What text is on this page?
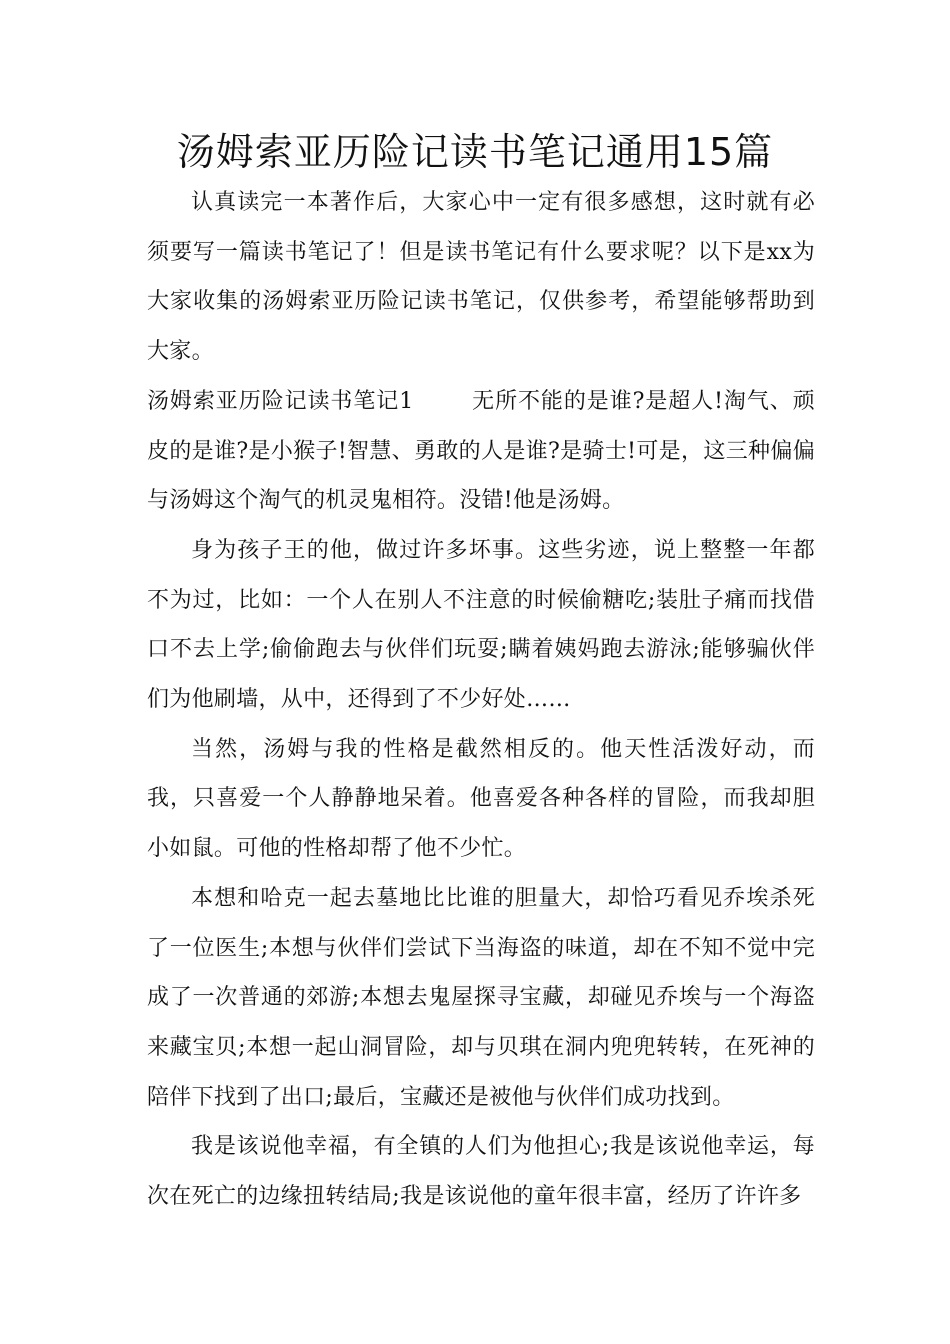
汤姆索亚历险记读书笔记通用15篇

认真读完一本著作后，大家心中一定有很多感想，这时就有必须要写一篇读书笔记了！但是读书笔记有什么要求呢？以下是xx为大家收集的汤姆索亚历险记读书笔记，仅供参考，希望能够帮助到大家。

汤姆索亚历险记读书笔记1	无所不能的是谁?是超人!淘气、顽皮的是谁?是小猴子!智慧、勇敢的人是谁?是骑士!可是，这三种偏偏与汤姆这个淘气的机灵鬼相符。没错!他是汤姆。

身为孩子王的他，做过许多坏事。这些劣迹，说上整整一年都不为过，比如：一个人在别人不注意的时候偷糖吃;装肚子痛而找借口不去上学;偷偷跑去与伙伴们玩耍;瞒着姨妈跑去游泳;能够骗伙伴们为他刷墙，从中，还得到了不少好处……

当然，汤姆与我的性格是截然相反的。他天性活泼好动，而我，只喜爱一个人静静地呆着。他喜爱各种各样的冒险，而我却胆小如鼠。可他的性格却帮了他不少忙。

本想和哈克一起去墓地比比谁的胆量大，却恰巧看见乔埃杀死了一位医生;本想与伙伴们尝试下当海盗的味道，却在不知不觉中完成了一次普通的郊游;本想去鬼屋探寻宝藏，却碰见乔埃与一个海盗来藏宝贝;本想一起山洞冒险，却与贝琪在洞内兜兜转转，在死神的陪伴下找到了出口;最后，宝藏还是被他与伙伴们成功找到。

我是该说他幸福，有全镇的人们为他担心;我是该说他幸运，每次在死亡的边缘扭转结局;我是该说他的童年很丰富，经历了许许多
